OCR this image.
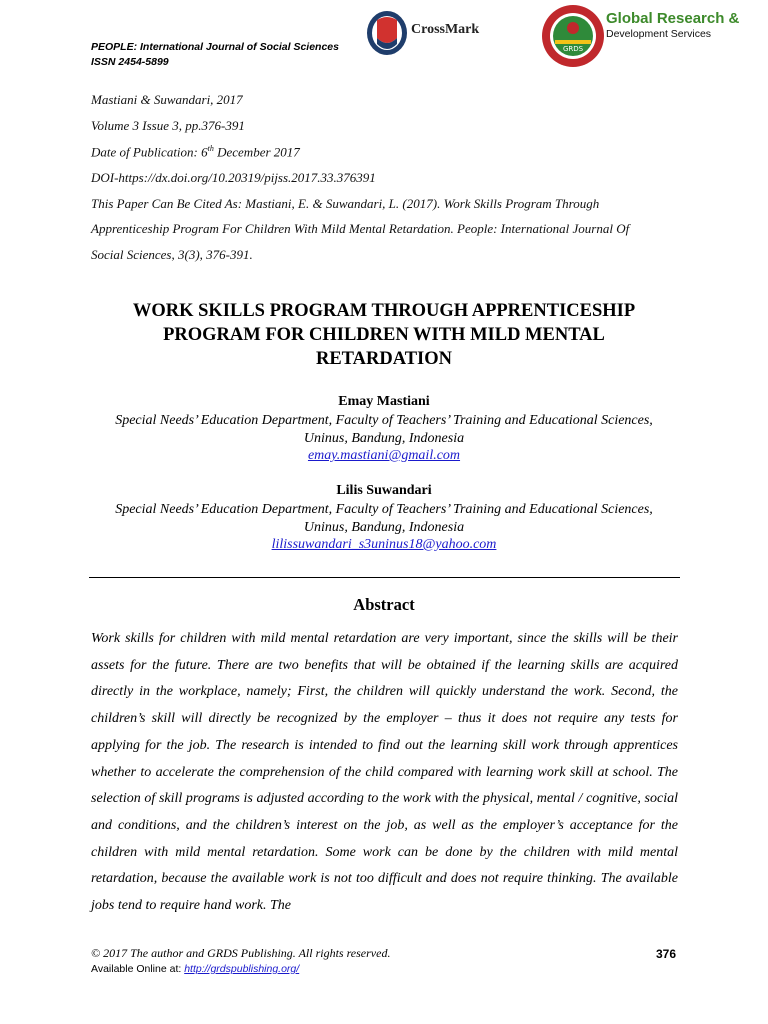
PEOPLE: International Journal of Social Sciences
ISSN 2454-5899
CrossMark
GRDS
Global Research &
Development Services
Mastiani & Suwandari, 2017
Volume 3 Issue 3, pp.376-391
Date of Publication: 6th December 2017
DOI-https://dx.doi.org/10.20319/pijss.2017.33.376391
This Paper Can Be Cited As: Mastiani, E. & Suwandari, L. (2017). Work Skills Program Through
Apprenticeship Program For Children With Mild Mental Retardation. People: International Journal Of
Social Sciences, 3(3), 376-391.
WORK SKILLS PROGRAM THROUGH APPRENTICESHIP
PROGRAM FOR CHILDREN WITH MILD MENTAL
RETARDATION
Emay Mastiani
Special Needs’ Education Department, Faculty of Teachers’ Training and Educational Sciences,
Uninus, Bandung, Indonesia
emay.mastiani@gmail.com
Lilis Suwandari
Special Needs’ Education Department, Faculty of Teachers’ Training and Educational Sciences,
Uninus, Bandung, Indonesia
lilissuwandari_s3uninus18@yahoo.com
Abstract
Work skills for children with mild mental retardation are very important, since the skills will be their assets for the future. There are two benefits that will be obtained if the learning skills are acquired directly in the workplace, namely; First, the children will quickly understand the work. Second, the children’s skill will directly be recognized by the employer – thus it does not require any tests for applying for the job. The research is intended to find out the learning skill work through apprentices whether to accelerate the comprehension of the child compared with learning work skill at school. The selection of skill programs is adjusted according to the work with the physical, mental / cognitive, social and conditions, and the children’s interest on the job, as well as the employer’s acceptance for the children with mild mental retardation. Some work can be done by the children with mild mental retardation, because the available work is not too difficult and does not require thinking. The available jobs tend to require hand work. The
© 2017 The author and GRDS Publishing. All rights reserved.
Available Online at: http://grdspublishing.org/
376
